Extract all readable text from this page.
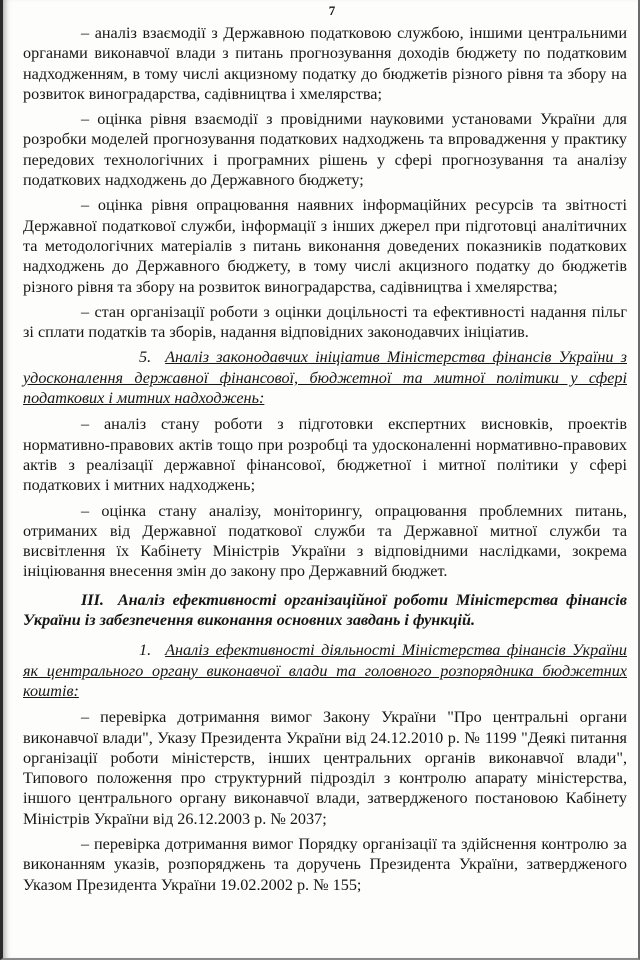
7

– аналіз взаємодії з Державною податковою службою, іншими центральними органами виконавчої влади з питань прогнозування доходів бюджету по податковим надходженням, в тому числі акцизному податку до бюджетів різного рівня та збору на розвиток виноградарства, садівництва і хмелярства;

– оцінка рівня взаємодії з провідними науковими установами України для розробки моделей прогнозування податкових надходжень та впровадження у практику передових технологічних і програмних рішень у сфері прогнозування та аналізу податкових надходжень до Державного бюджету;

– оцінка рівня опрацювання наявних інформаційних ресурсів та звітності Державної податкової служби, інформації з інших джерел при підготовці аналітичних та методологічних матеріалів з питань виконання доведених показників податкових надходжень до Державного бюджету, в тому числі акцизного податку до бюджетів різного рівня та збору на розвиток виноградарства, садівництва і хмелярства;

– стан організації роботи з оцінки доцільності та ефективності надання пільг зі сплати податків та зборів, надання відповідних законодавчих ініціатив.

5. Аналіз законодавчих ініціатив Міністерства фінансів України з удосконалення державної фінансової, бюджетної та митної політики у сфері податкових і митних надходжень:

– аналіз стану роботи з підготовки експертних висновків, проектів нормативно-правових актів тощо при розробці та удосконаленні нормативно-правових актів з реалізації державної фінансової, бюджетної і митної політики у сфері податкових і митних надходжень;

– оцінка стану аналізу, моніторингу, опрацювання проблемних питань, отриманих від Державної податкової служби та Державної митної служби та висвітлення їх Кабінету Міністрів України з відповідними наслідками, зокрема ініціювання внесення змін до закону про Державний бюджет.

III. Аналіз ефективності організаційної роботи Міністерства фінансів України із забезпечення виконання основних завдань і функцій.

1. Аналіз ефективності діяльності Міністерства фінансів України як центрального органу виконавчої влади та головного розпорядника бюджетних коштів:

– перевірка дотримання вимог Закону України "Про центральні органи виконавчої влади", Указу Президента України від 24.12.2010 р. № 1199 "Деякі питання організації роботи міністерств, інших центральних органів виконавчої влади", Типового положення про структурний підрозділ з контролю апарату міністерства, іншого центрального органу виконавчої влади, затвердженого постановою Кабінету Міністрів України від 26.12.2003 р. № 2037;

– перевірка дотримання вимог Порядку організації та здійснення контролю за виконанням указів, розпоряджень та доручень Президента України, затвердженого Указом Президента України 19.02.2002 р. № 155;
